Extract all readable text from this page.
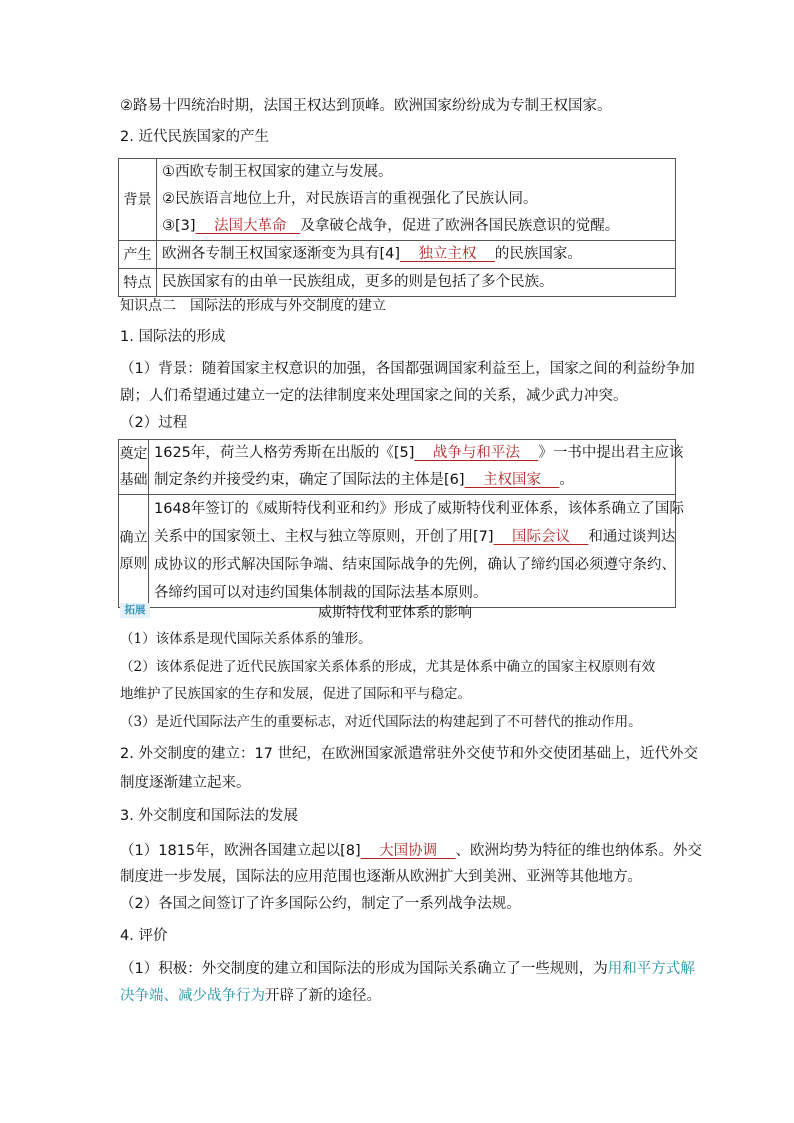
②路易十四统治时期，法国王权达到顶峰。欧洲国家纷纷成为专制王权国家。
2. 近代民族国家的产生
背景	①西欧专制王权国家的建立与发展。
②民族语言地位上升，对民族语言的重视强化了民族认同。
③[3]    法国大革命   及拿破仑战争，促进了欧洲各国民族意识的觉醒。

产生	欧洲各专制王权国家逐渐变为具有[4]    独立主权    的民族国家。

特点	民族国家有的由单一民族组成，更多的则是包括了多个民族。
知识点二　国际法的形成与外交制度的建立
1. 国际法的形成
（1）背景：随着国家主权意识的加强，各国都强调国家利益至上，国家之间的利益纷争加
剧；人们希望通过建立一定的法律制度来处理国家之间的关系，减少武力冲突。
（2）过程
奠定
基础	1625年，荷兰人格劳秀斯在出版的《[5]    战争与和平法    》一书中提出君主应该
制定条约并接受约束，确定了国际法的主体是[6]    主权国家    。

确立
原则	1648年签订的《威斯特伐利亚和约》形成了威斯特伐利亚体系，该体系确立了国际
关系中的国家领土、主权与独立等原则，开创了用[7]    国际会议    和通过谈判达
成协议的形式解决国际争端、结束国际战争的先例，确认了缔约国必须遵守条约、
各缔约国可以对违约国集体制裁的国际法基本原则。
拓展	威斯特伐利亚体系的影响
（1）该体系是现代国际关系体系的雏形。
（2）该体系促进了近代民族国家关系体系的形成，尤其是体系中确立的国家主权原则有效
地维护了民族国家的生存和发展，促进了国际和平与稳定。
（3）是近代国际法产生的重要标志，对近代国际法的构建起到了不可替代的推动作用。
2. 外交制度的建立：17 世纪，在欧洲国家派遣常驻外交使节和外交使团基础上，近代外交
制度逐渐建立起来。
3. 外交制度和国际法的发展
（1）1815年，欧洲各国建立起以[8]    大国协调    、欧洲均势为特征的维也纳体系。外交
制度进一步发展，国际法的应用范围也逐渐从欧洲扩大到美洲、亚洲等其他地方。
（2）各国之间签订了许多国际公约，制定了一系列战争法规。
4. 评价
（1）积极：外交制度的建立和国际法的形成为国际关系确立了一些规则，为用和平方式解
决争端、减少战争行为开辟了新的途径。
